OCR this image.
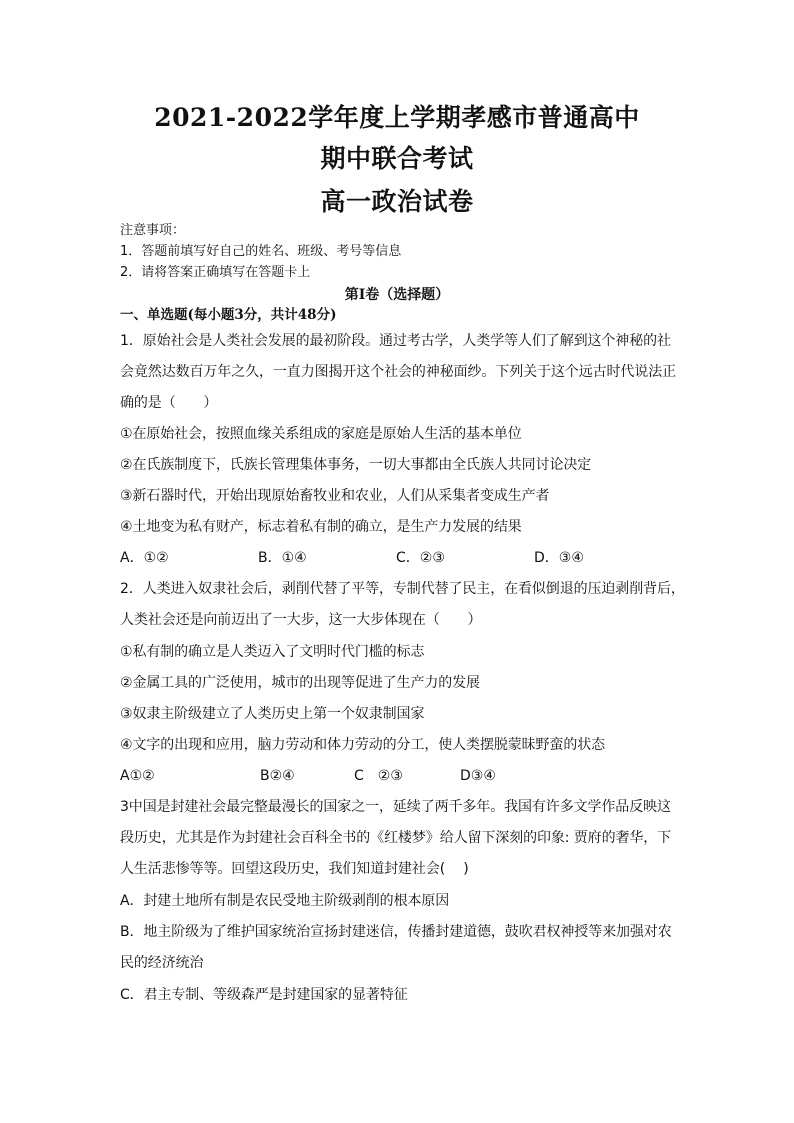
2021-2022学年度上学期孝感市普通高中
期中联合考试
高一政治试卷
注意事项：
1．答题前填写好自己的姓名、班级、考号等信息
2．请将答案正确填写在答题卡上
第I卷（选择题）
一、单选题(每小题3分，共计48分)
1．原始社会是人类社会发展的最初阶段。通过考古学，人类学等人们了解到这个神秘的社
会竟然达数百万年之久，一直力图揭开这个社会的神秘面纱。下列关于这个远古时代说法正
确的是（　　）
①在原始社会，按照血缘关系组成的家庭是原始人生活的基本单位
②在氏族制度下，氏族长管理集体事务，一切大事都由全氏族人共同讨论决定
③新石器时代，开始出现原始畜牧业和农业，人们从采集者变成生产者
④土地变为私有财产，标志着私有制的确立，是生产力发展的结果
A．①②	B．①④	C．②③	D．③④
2．人类进入奴隶社会后，剥削代替了平等，专制代替了民主，在看似倒退的压迫剥削背后，
人类社会还是向前迈出了一大步，这一大步体现在（　　）
①私有制的确立是人类迈入了文明时代门槛的标志
②金属工具的广泛使用，城市的出现等促进了生产力的发展
③奴隶主阶级建立了人类历史上第一个奴隶制国家
④文字的出现和应用，脑力劳动和体力劳动的分工，使人类摆脱蒙昧野蛮的状态
A①②	B②④	C　②③	D③④
3中国是封建社会最完整最漫长的国家之一，延续了两千多年。我国有许多文学作品反映这
段历史，尤其是作为封建社会百科全书的《红楼梦》给人留下深刻的印象: 贾府的奢华，下
人生活悲惨等等。回望这段历史，我们知道封建社会(　 )
A．封建土地所有制是农民受地主阶级剥削的根本原因
B．地主阶级为了维护国家统治宣扬封建迷信，传播封建道德，鼓吹君权神授等来加强对农
民的经济统治
C．君主专制、等级森严是封建国家的显著特征
